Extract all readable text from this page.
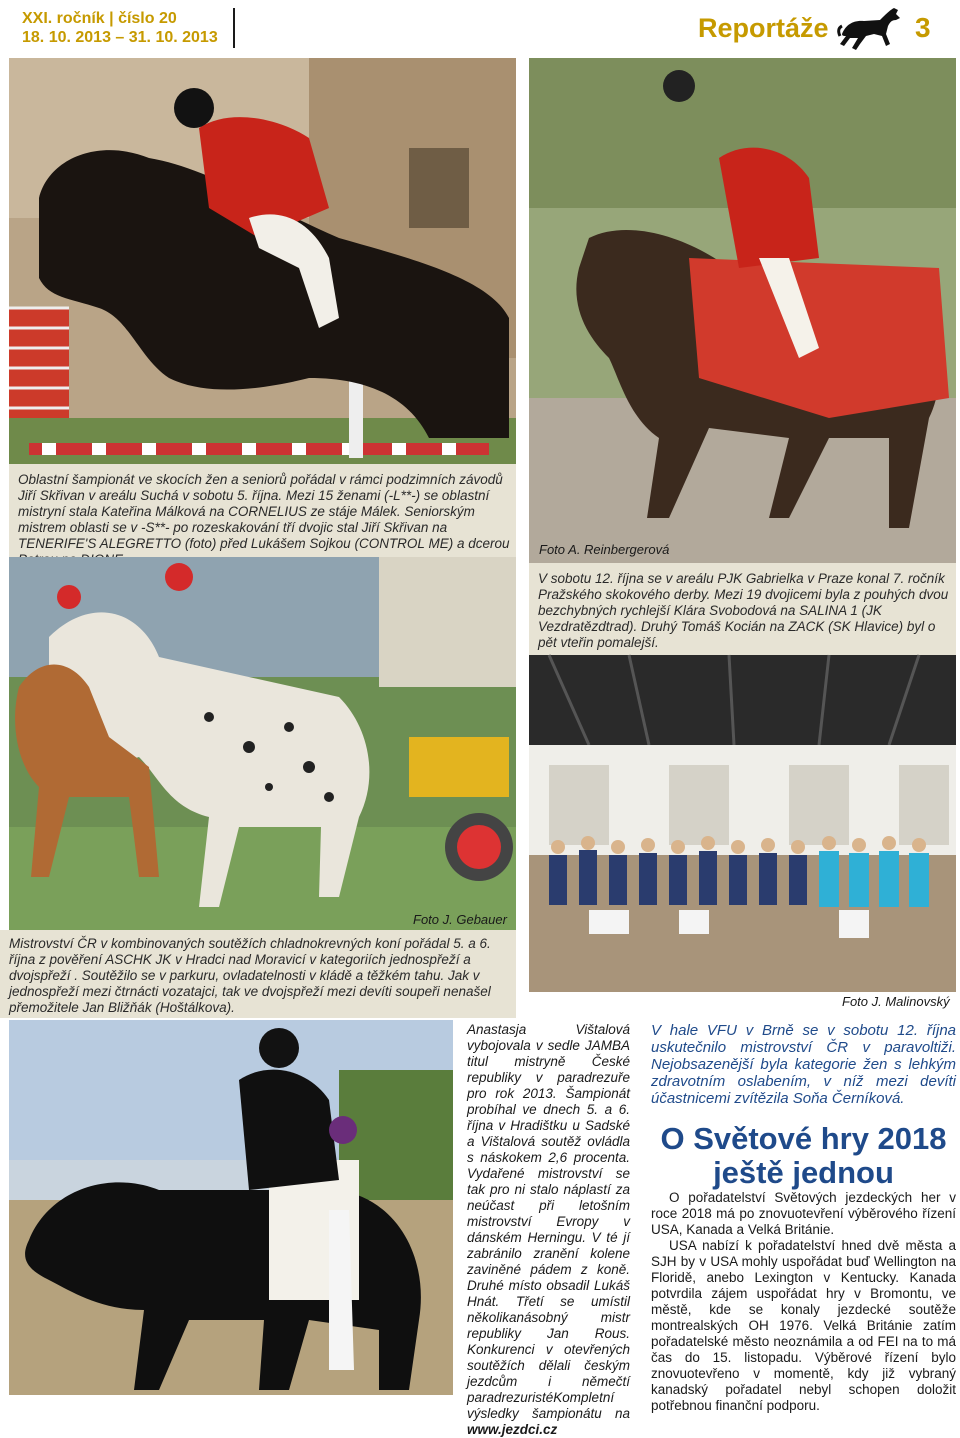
XXI. ročník | číslo 20
18. 10. 2013 – 31. 10. 2013	Reportáže	3
Oblastní šampionát ve skocích žen a seniorů pořádal v rámci podzimních závodů Jiří Skřivan v areálu Suchá v sobotu 5. října. Mezi 15 ženami (-L**-) se oblastní mistryní stala Kateřina Málková na CORNELIUS ze stáje Málek. Seniorským mistrem oblasti se v -S**- po rozeskakování tří dvojic stal Jiří Skřivan na TENERIFE'S ALEGRETTO (foto) před Lukášem Sojkou (CONTROL ME) a dcerou	Foto A. Reinbergerová
V sobotu 12. října se v areálu PJK Gabrielka v Praze konal 7. ročník Pražského skokového derby. Mezi 19 dvojicemi byla z pouhých dvou bezchybných rychlejší Klára Svobodová na SALINA 1 (JK Vezdratězdtrad). Druhý Tomáš Kocián na ZACK (SK Hlavice) byl o pět vteřin pomalejší.
Foto J. Gebauer
Mistrovství ČR v kombinovaných soutěžích chladnokrevných koní pořádal 5. a 6. října z pověření ASCHK JK v Hradci nad Moravicí v kategoriích jednospřeží a dvojspřeží . Soutěžilo se v parkuru, ovladatelnosti v kládě a těžkém tahu. Jak v jednospřeží mezi čtrnácti vozatajci, tak ve dvojspřeží mezi devíti soupeři nenašel přemožitele Jan Bližňák (Hoštálkova).	Foto J. Malinovský
Anastasja Vištalová vybojovala v sedle JAMBA titul mistryně České republiky v paradrezuře pro rok 2013. Šampionát probíhal ve dnech 5. a 6. října v Hradištku u Sadské a Vištalová soutěž ovládla s náskokem 2,6 procenta. Vydařené mistrovství se tak pro ni stalo náplastí za neúčast při letošním mistrovství Evropy v dánském Herningu. V té jí zabránilo zranění kolene zaviněné pádem z koně. Druhé místo obsadil Lukáš Hnát. Třetí se umístil několikanásobný mistr republiky Jan Rous. Konkurenci v otevřených soutěžích dělali českým jezdcům i němečtí paradrezuristéKompletní výsledky šampionátu na www.jezdci.cz
V hale VFU v Brně se v sobotu 12. října uskutečnilo mistrovství ČR v paravoltiži. Nejobsazenější byla kategorie žen s lehkým zdravotním oslabením, v níž mezi devíti účastnicemi zvítězila Soňa Černíková.
O Světové hry 2018
ještě jednou
O pořadatelství Světových jezdeckých her v roce 2018 má po znovuotevření výběrového řízení USA, Kanada a Velká Británie.
USA nabízí k pořadatelství hned dvě města a SJH by v USA mohly uspořádat buď Wellington na Floridě, anebo Lexington v Kentucky. Kanada potvrdila zájem uspořádat hry v Bromontu, ve městě, kde se konaly jezdecké soutěže montrealských OH 1976. Velká Británie zatím pořadatelské město neoznámila a od FEI na to má čas do 15. listopadu. Výběrové řízení bylo znovuotevřeno v momentě, kdy již vybraný kanadský pořadatel nebyl schopen doložit potřebnou finanční podporu.
